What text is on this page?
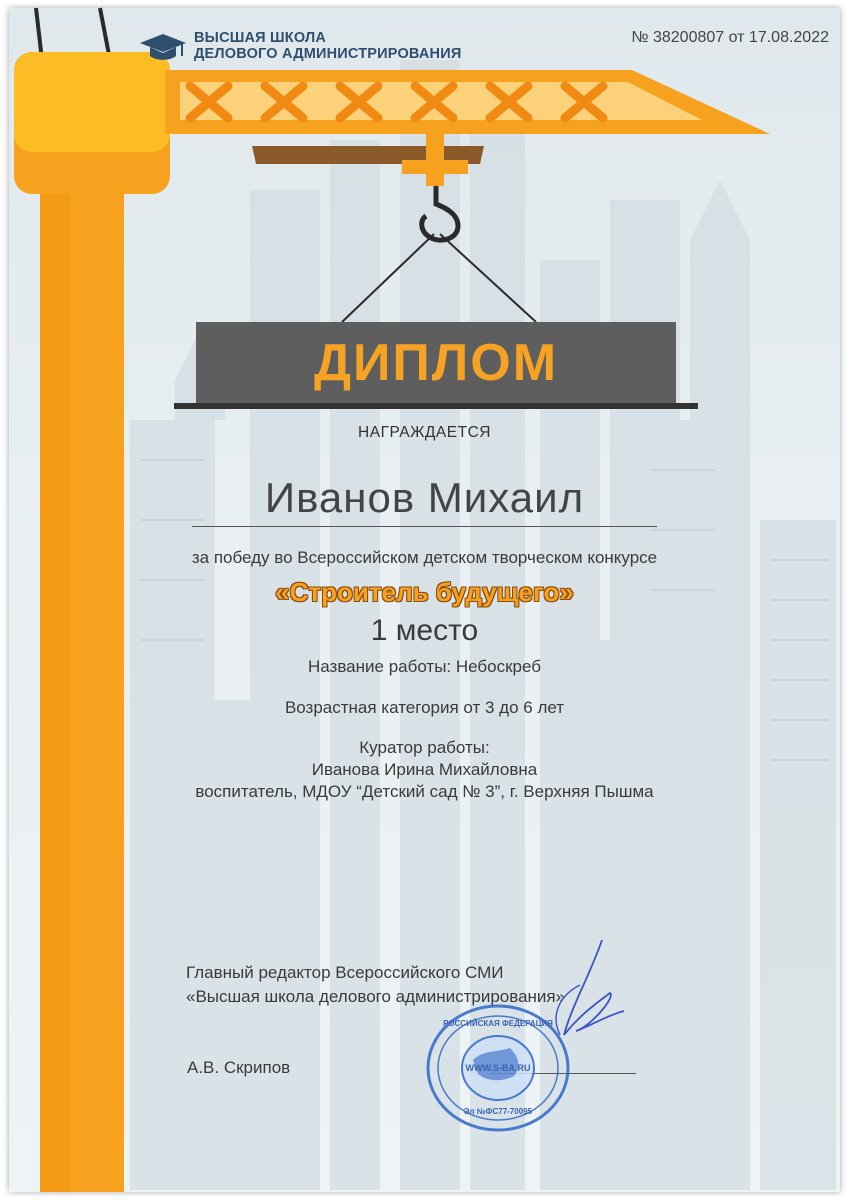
ВЫСШАЯ ШКОЛА
ДЕЛОВОГО АДМИНИСТРИРОВАНИЯ
№ 38200807 от 17.08.2022
ДИПЛОМ
НАГРАЖДАЕТСЯ
Иванов Михаил
за победу во Всероссийском детском творческом конкурсе
«Строитель будущего»
1 место
Название работы: Небоскреб
Возрастная категория от 3 до 6 лет
Куратор работы:
Иванова Ирина Михайловна
воспитатель, МДОУ “Детский сад № 3”, г. Верхняя Пышма
Главный редактор Всероссийского СМИ
«Высшая школа делового администрирования»
А.В. Скрипов	WWW.S-BA.RU
РОССИЙСКАЯ ФЕДЕРАЦИЯ
Эл №ФС77-70095
